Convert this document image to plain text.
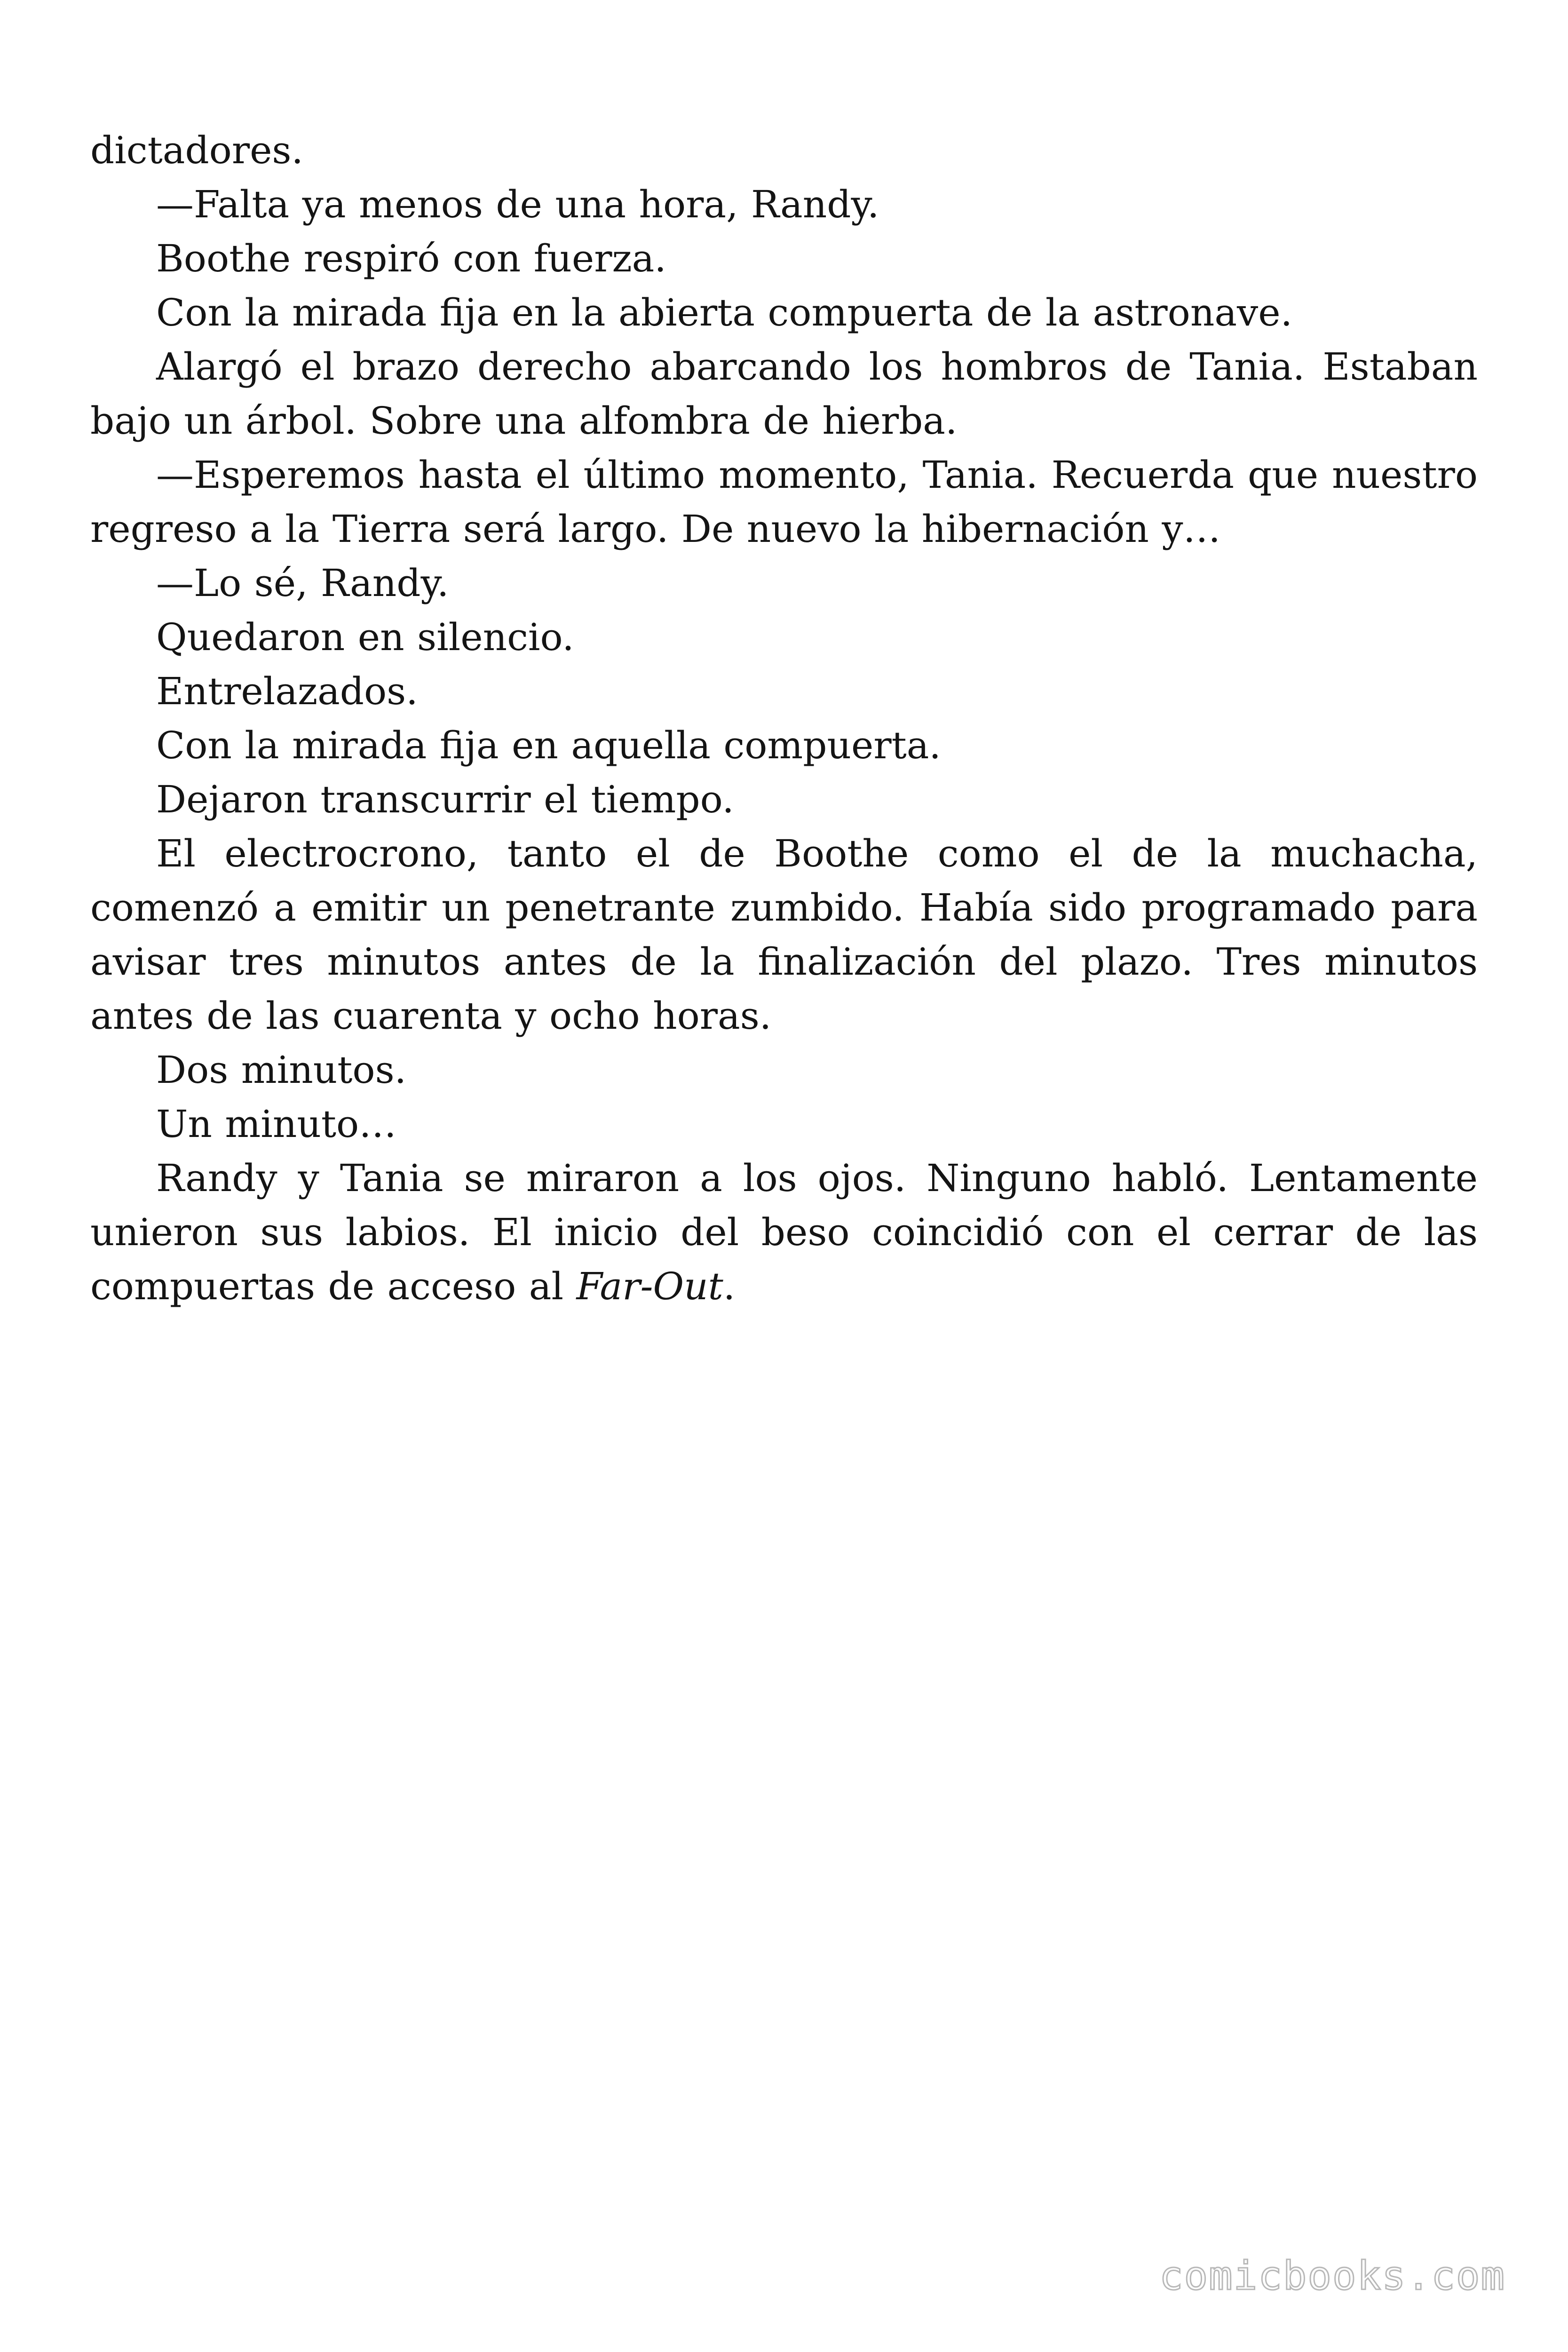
dictadores.

—Falta ya menos de una hora, Randy.

Boothe respiró con fuerza.

Con la mirada fija en la abierta compuerta de la astronave.

Alargó el brazo derecho abarcando los hombros de Tania. Estaban bajo un árbol. Sobre una alfombra de hierba.

—Esperemos hasta el último momento, Tania. Recuerda que nuestro regreso a la Tierra será largo. De nuevo la hibernación y…

—Lo sé, Randy.

Quedaron en silencio.

Entrelazados.

Con la mirada fija en aquella compuerta.

Dejaron transcurrir el tiempo.

El electrocrono, tanto el de Boothe como el de la muchacha, comenzó a emitir un penetrante zumbido. Había sido programado para avisar tres minutos antes de la finalización del plazo. Tres minutos antes de las cuarenta y ocho horas.

Dos minutos.

Un minuto…

Randy y Tania se miraron a los ojos. Ninguno habló. Lentamente unieron sus labios. El inicio del beso coincidió con el cerrar de las compuertas de acceso al Far-Out.

comicbooks.com
